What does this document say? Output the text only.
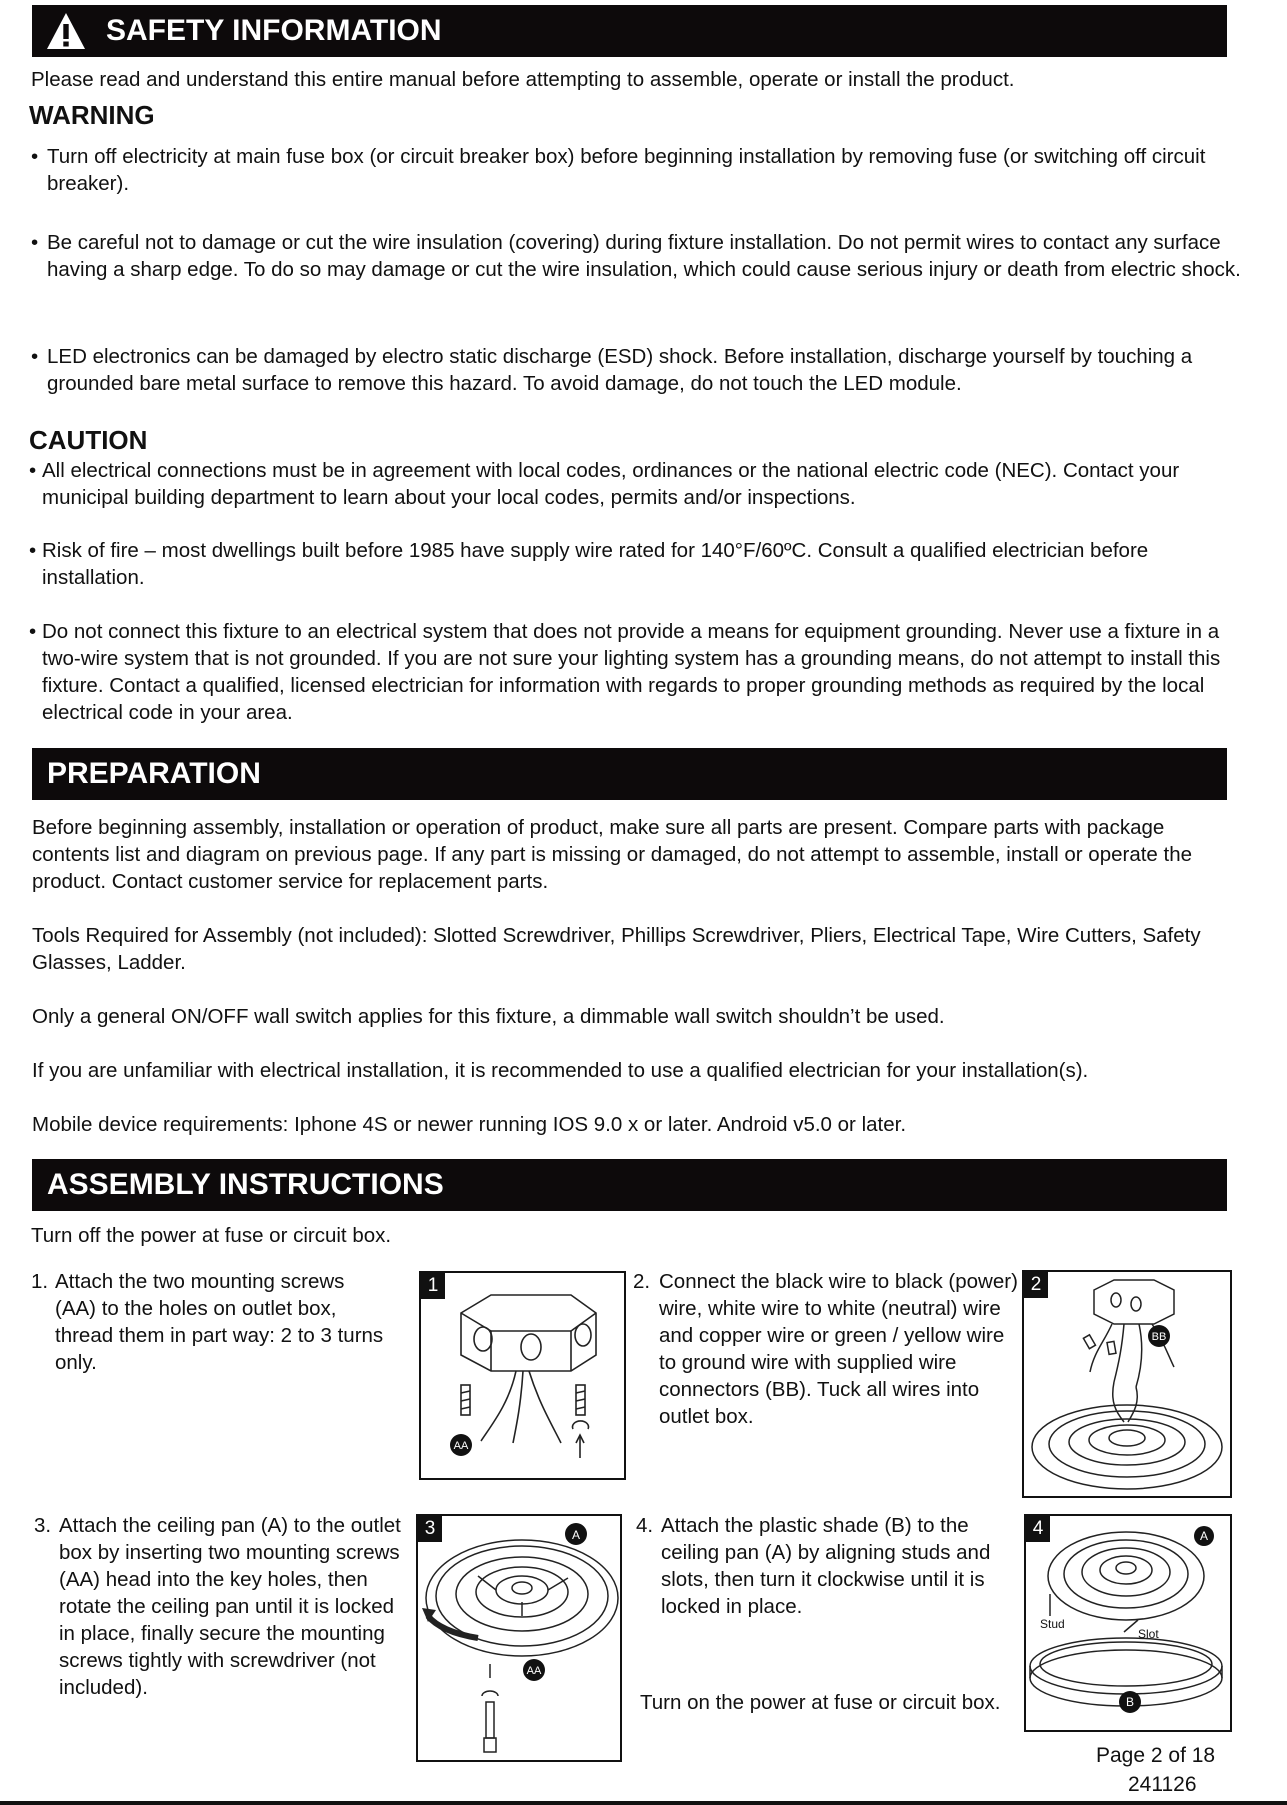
SAFETY INFORMATION
Please read and understand this entire manual before attempting to assemble, operate or install the product.
WARNING
• Turn off electricity at main fuse box (or circuit breaker box) before beginning installation by removing fuse (or switching off circuit breaker).
• Be careful not to damage or cut the wire insulation (covering) during fixture installation. Do not permit wires to contact any surface having a sharp edge. To do so may damage or cut the wire insulation, which could cause serious injury or death from electric shock.
• LED electronics can be damaged by electro static discharge (ESD) shock. Before installation, discharge yourself by touching a grounded bare metal surface to remove this hazard. To avoid damage, do not touch the LED module.
CAUTION
• All electrical connections must be in agreement with local codes, ordinances or the national electric code (NEC). Contact your municipal building department to learn about your local codes, permits and/or inspections.
• Risk of fire – most dwellings built before 1985 have supply wire rated for 140°F/60ºC. Consult a qualified electrician before installation.
• Do not connect this fixture to an electrical system that does not provide a means for equipment grounding. Never use a fixture in a two-wire system that is not grounded. If you are not sure your lighting system has a grounding means, do not attempt to install this fixture. Contact a qualified, licensed electrician for information with regards to proper grounding methods as required by the local electrical code in your area.
PREPARATION
Before beginning assembly, installation or operation of product, make sure all parts are present. Compare parts with package contents list and diagram on previous page. If any part is missing or damaged, do not attempt to assemble, install or operate the product. Contact customer service for replacement parts.
Tools Required for Assembly (not included): Slotted Screwdriver, Phillips Screwdriver, Pliers, Electrical Tape, Wire Cutters, Safety Glasses, Ladder.
Only a general ON/OFF wall switch applies for this fixture, a dimmable wall switch shouldn’t be used.
If you are unfamiliar with electrical installation, it is recommended to use a qualified electrician for your installation(s).
Mobile device requirements: Iphone 4S or newer running IOS 9.0 x or later. Android v5.0 or later.
ASSEMBLY INSTRUCTIONS
Turn off the power at fuse or circuit box.
1. Attach the two mounting screws (AA) to the holes on outlet box, thread them in part way: 2 to 3 turns only.
1
AA
2. Connect the black wire to black (power) wire, white wire to white (neutral) wire and copper wire or green / yellow wire to ground wire with supplied wire connectors (BB). Tuck all wires into outlet box.
2
BB
3. Attach the ceiling pan (A) to the outlet box by inserting two mounting screws (AA) head into the key holes, then rotate the ceiling pan until it is locked in place, finally secure the mounting screws tightly with screwdriver (not included).
3	A
AA
4. Attach the plastic shade (B) to the ceiling pan (A) by aligning studs and slots, then turn it clockwise until it is locked in place.
Turn on the power at fuse or circuit box.
4	A
B
Stud
Slot
Page 2 of 18
241126
